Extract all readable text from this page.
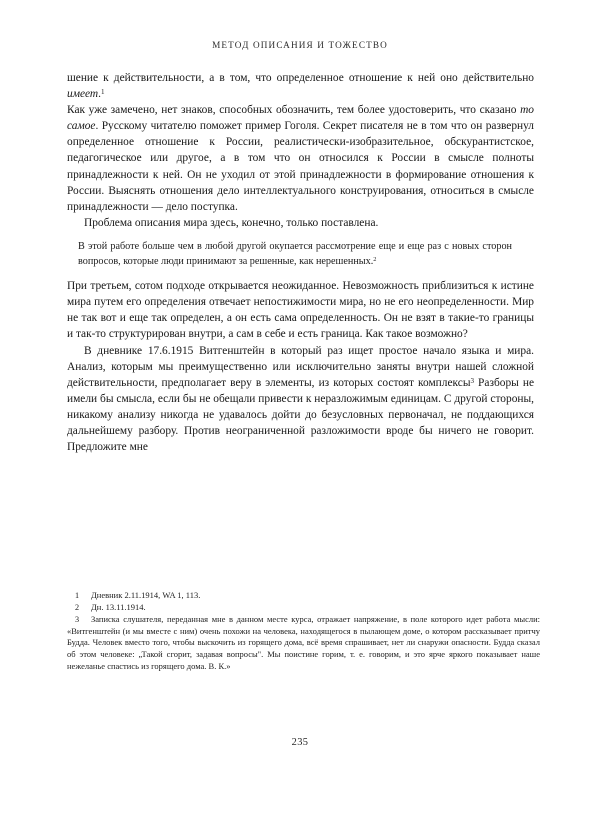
МЕТОД ОПИСАНИЯ И ТОЖЕСТВО

шение к действительности, а в том, что определенное отношение к ней оно действительно имеет.$^1$

Как уже замечено, нет знаков, способных обозначить, тем более удостоверить, что сказано то самое. Русскому читателю поможет пример Гоголя. Секрет писателя не в том что он развернул определенное отношение к России, реалистически-изобразительное, обскурантистское, педагогическое или другое, а в том что он относился к России в смысле полноты принадлежности к ней. Он не уходил от этой принадлежности в формирование отношения к России. Выяснять отношения дело интеллектуального конструирования, относиться в смысле принадлежности — дело поступка.

Проблема описания мира здесь, конечно, только поставлена.

В этой работе больше чем в любой другой окупается рассмотрение еще и еще раз с новых сторон вопросов, которые люди принимают за решенные, как нерешенных.$^2$

При третьем, сотом подходе открывается неожиданное. Невозможность приблизиться к истине мира путем его определения отвечает непостижимости мира, но не его неопределенности. Мир не так вот и еще так определен, а он есть сама определенность. Он не взят в такие-то границы и так-то структурирован внутри, а сам в себе и есть граница. Как такое возможно?

В дневнике 17.6.1915 Витгенштейн в который раз ищет простое начало языка и мира. Анализ, которым мы преимущественно или исключительно заняты внутри нашей сложной действительности, предполагает веру в элементы, из которых состоят комплексы$^3$ Разборы не имели бы смысла, если бы не обещали привести к неразложимым единицам. С другой стороны, никакому анализу никогда не удавалось дойти до безусловных первоначал, не поддающихся дальнейшему разбору. Против неограниченной разложимости вроде бы ничего не говорит. Предложите мне

1 Дневник 2.11.1914, WA 1, 113.
2 Дн. 13.11.1914.
3 Записка слушателя, переданная мне в данном месте курса, отражает напряжение, в поле которого идет работа мысли: «Витгенштейн (и мы вместе с ним) очень похожи на человека, находящегося в пылающем доме, о котором рассказывает притчу Будда. Человек вместо того, чтобы выскочить из горящего дома, всё время спрашивает, нет ли снаружи опасности. Будда сказал об этом человеке: „Такой сгорит, задавая вопросы". Мы поистине горим, т. е. говорим, и это ярче яркого показывает наше нежеланье спастись из горящего дома. В. К.»
235
